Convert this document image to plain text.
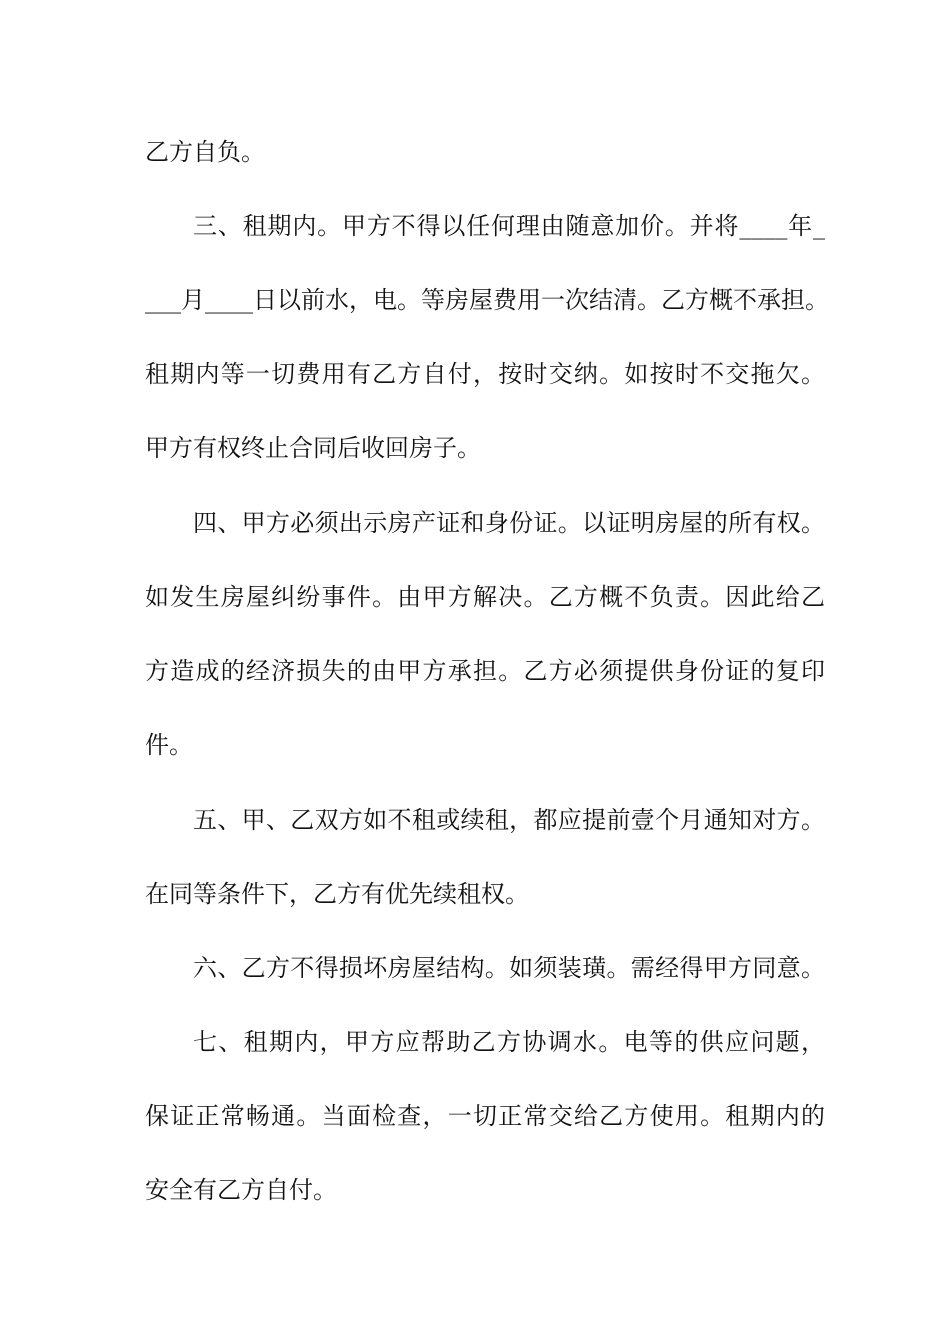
乙方自负。
三、租期内。甲方不得以任何理由随意加价。并将____年_
___月____日以前水，电。等房屋费用一次结清。乙方概不承担。
租期内等一切费用有乙方自付，按时交纳。如按时不交拖欠。
甲方有权终止合同后收回房子。
四、甲方必须出示房产证和身份证。以证明房屋的所有权。
如发生房屋纠纷事件。由甲方解决。乙方概不负责。因此给乙
方造成的经济损失的由甲方承担。乙方必须提供身份证的复印
件。
五、甲、乙双方如不租或续租，都应提前壹个月通知对方。
在同等条件下，乙方有优先续租权。
六、乙方不得损坏房屋结构。如须装璜。需经得甲方同意。
七、租期内，甲方应帮助乙方协调水。电等的供应问题，
保证正常畅通。当面检查，一切正常交给乙方使用。租期内的
安全有乙方自付。
